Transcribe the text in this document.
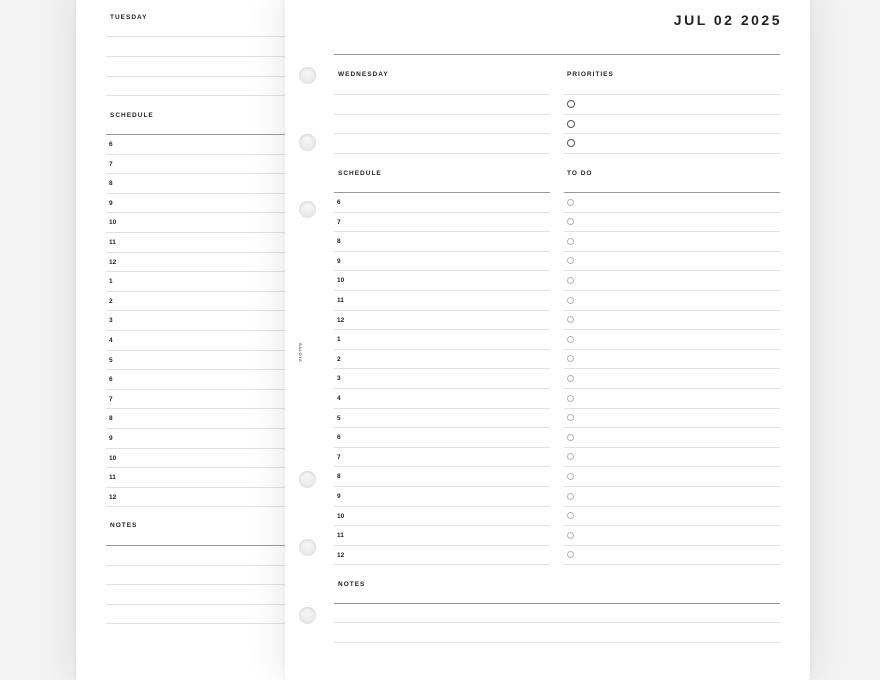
TUESDAY
SCHEDULE
NOTES
6
7
8
9
10
11
12
1
2
3
4
5
6
7
8
9
10
11
12
JUL 02 2025
WEDNESDAY	PRIORITIES
SCHEDULE	TO DO
NOTES
SALOYA
6
7
8
9
10
11
12
1
2
3
4
5
6
7
8
9
10
11
12
